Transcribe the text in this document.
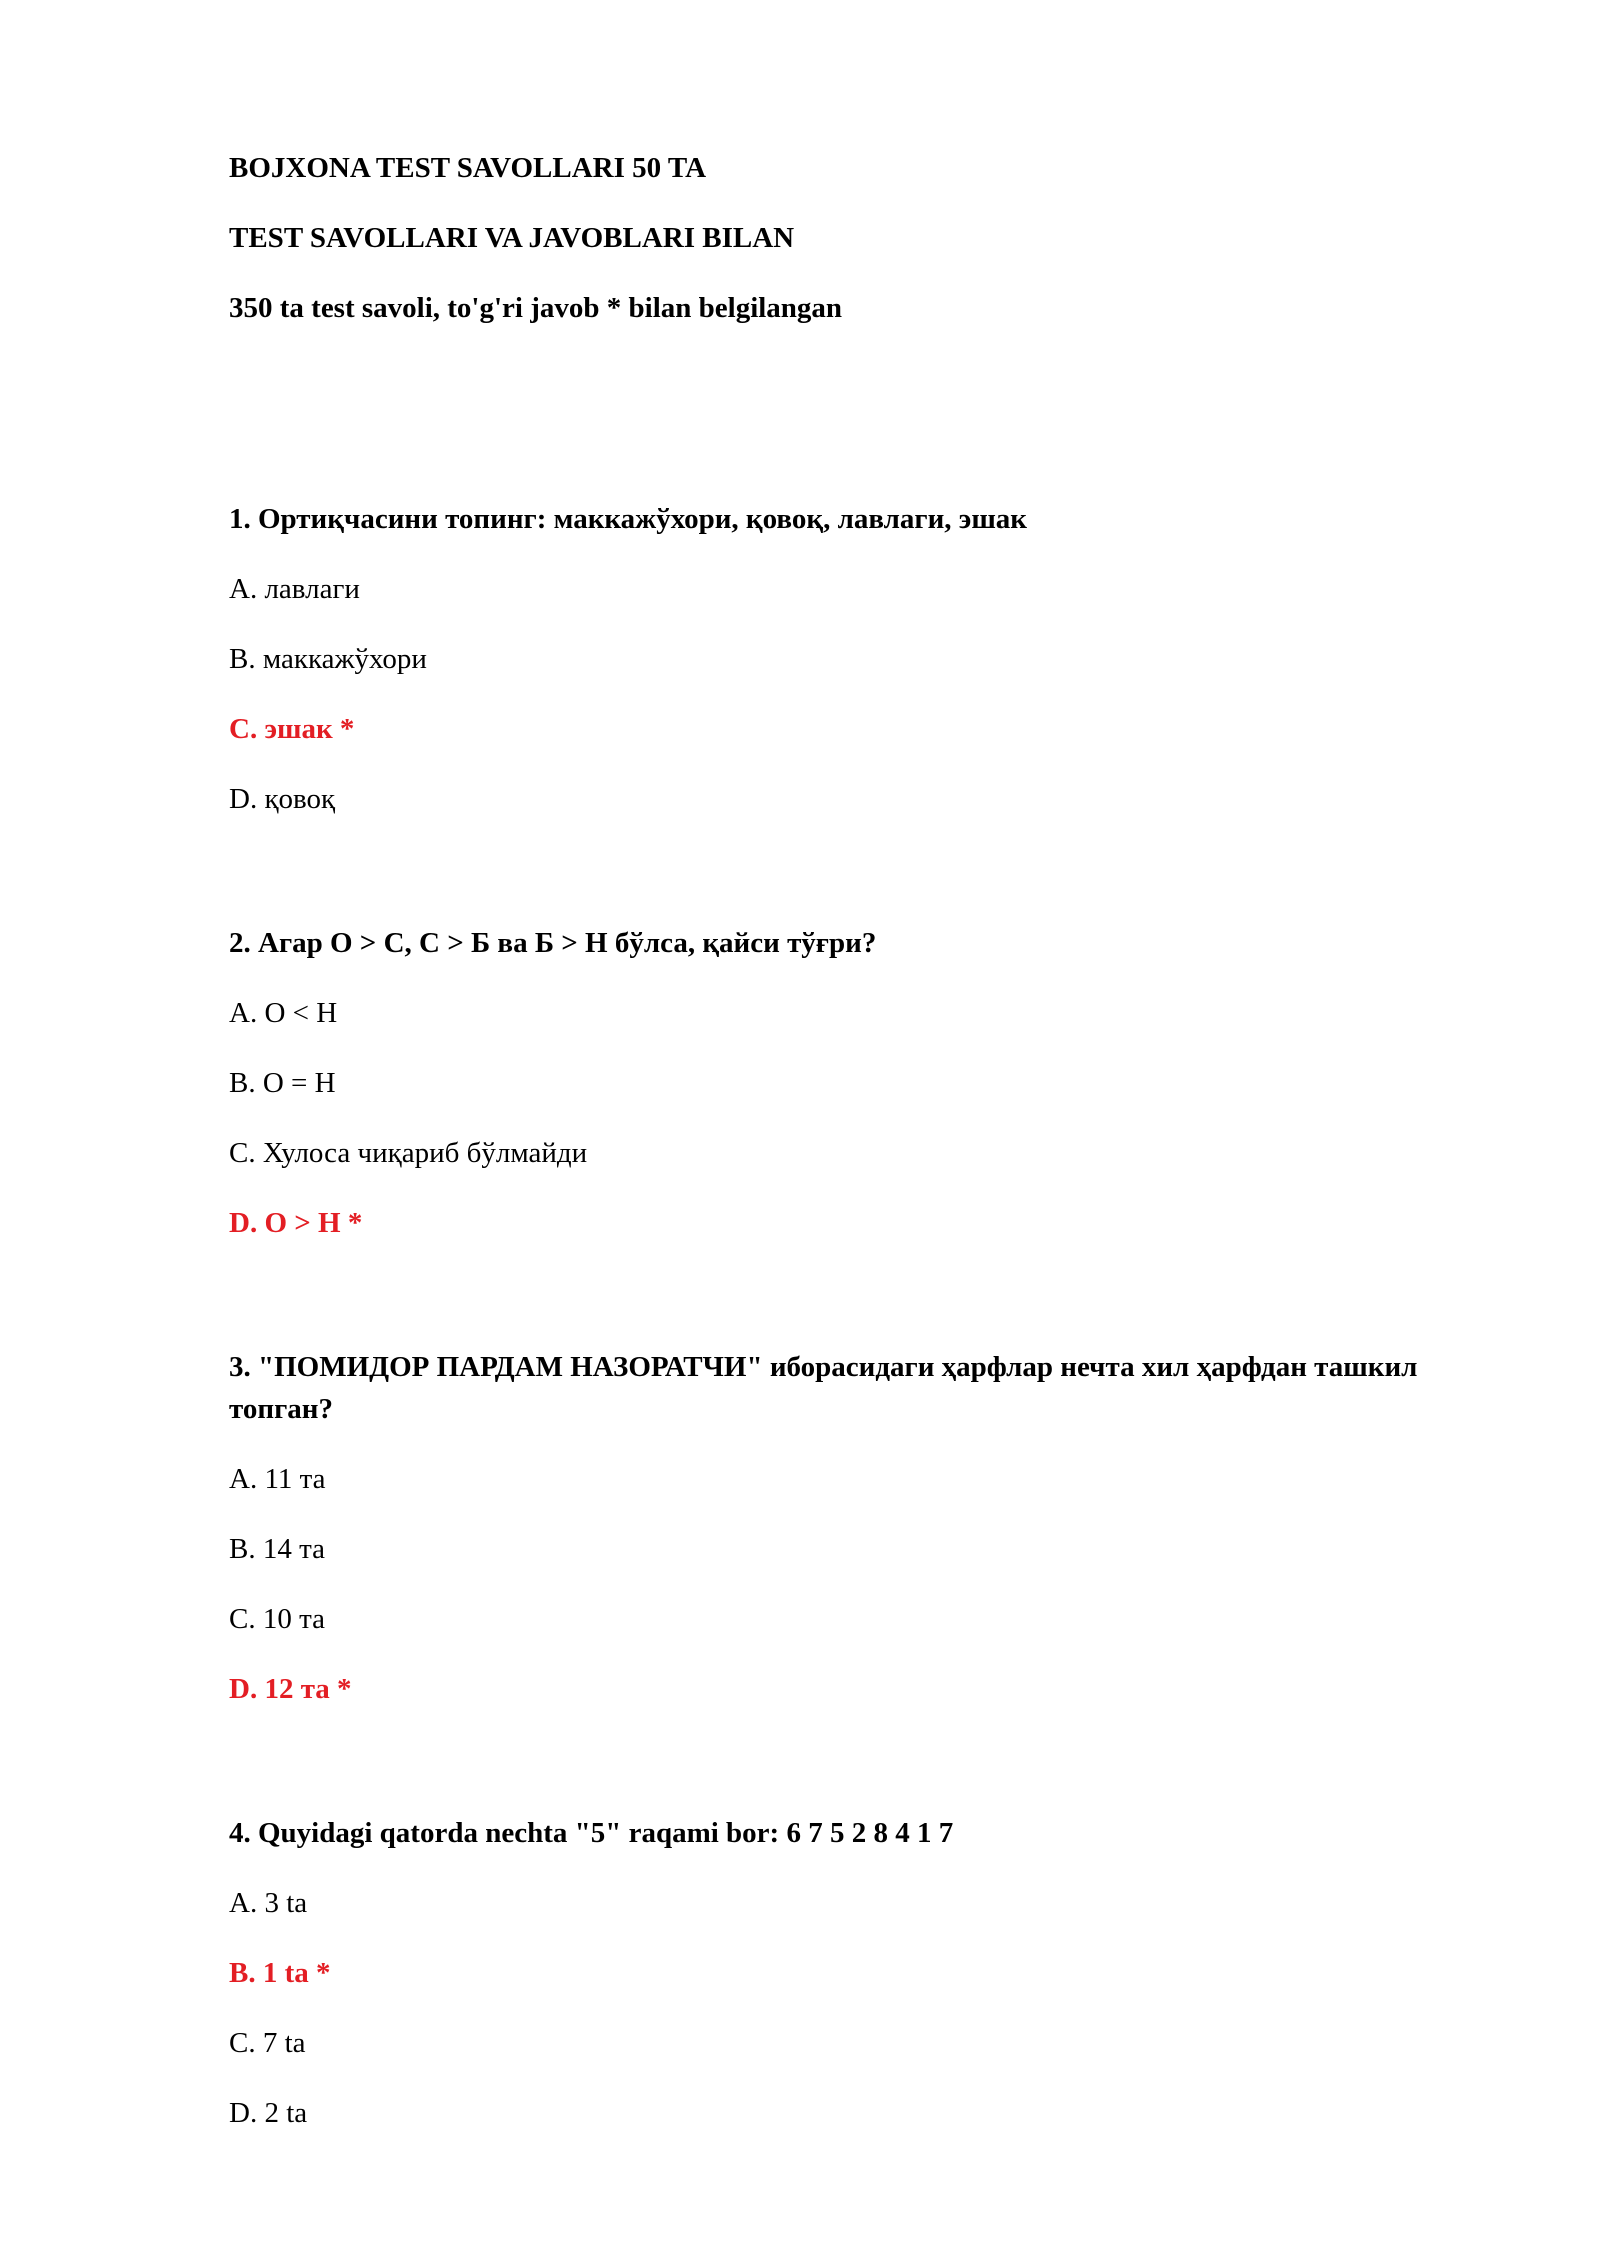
BOJXONA TEST SAVOLLARI 50 TA
TEST SAVOLLARI VA JAVOBLARI BILAN
350 ta test savoli, to'g'ri javob * bilan belgilangan
1. Ортиқчасини топинг: маккажўхори, қовоқ, лавлаги, эшак
A. лавлаги
B. маккажўхори
C. эшак *
D. қовоқ
2. Агар О > С, С > Б ва Б > Н бўлса, қайси тўғри?
A. О < Н
B. О = Н
C. Хулоса чиқариб бўлмайди
D. О > Н *
3. "ПОМИДОР ПАРДАМ НАЗОРАТЧИ" иборасидаги ҳарфлар нечта хил ҳарфдан ташкил топган?
A. 11 та
B. 14 та
C. 10 та
D. 12 та *
4. Quyidagi qatorda nechta "5" raqami bor: 6 7 5 2 8 4 1 7
A. 3 ta
B. 1 ta *
C. 7 ta
D. 2 ta
